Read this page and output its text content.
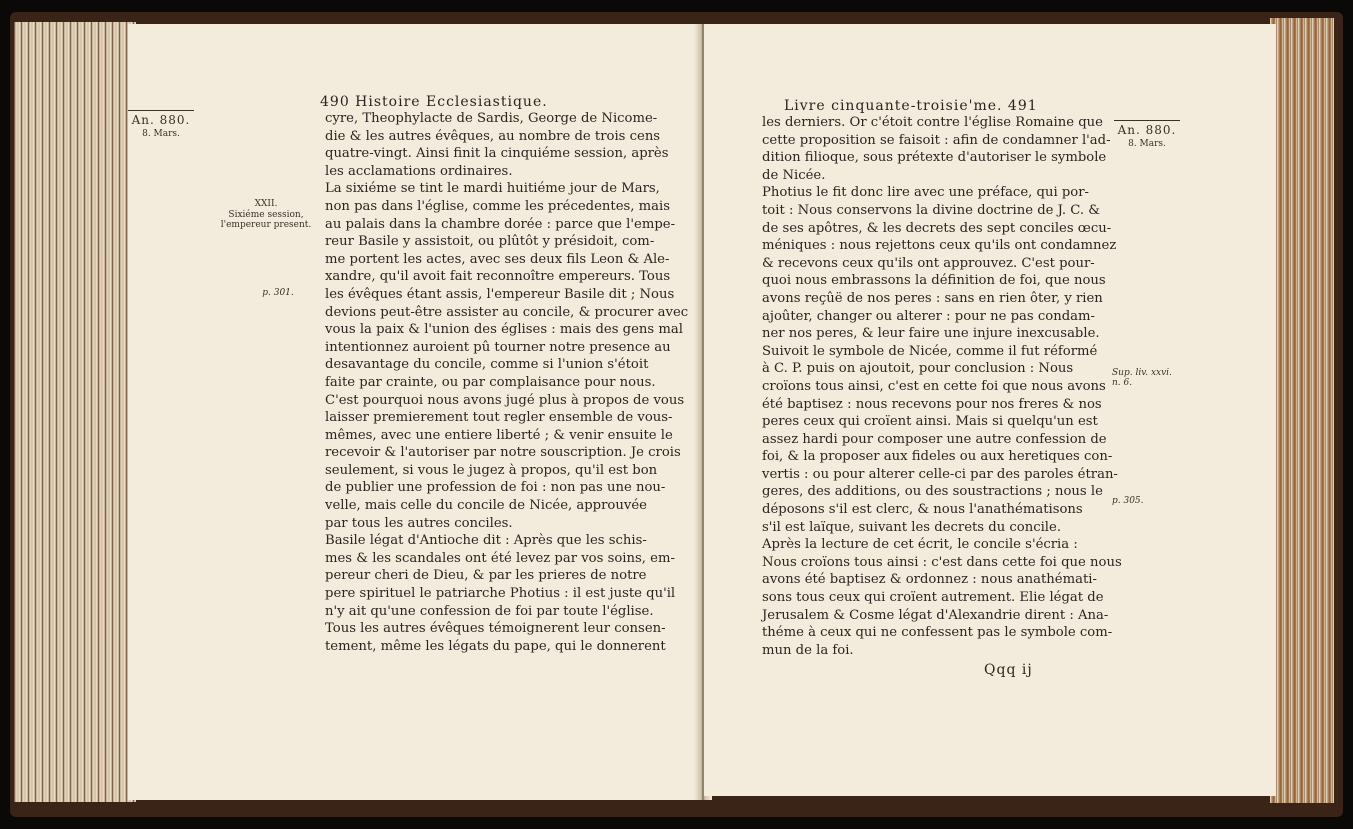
490 Histoire Ecclesiastique.
An. 880.
8. Mars.
XXII.
Sixiéme session, l'empereur present.
p. 301.
cyre, Theophylacte de Sardis, George de Nicome-
die & les autres évêques, au nombre de trois cens
quatre-vingt. Ainsi finit la cinquiéme session, après
les acclamations ordinaires.
La sixiéme se tint le mardi huitiéme jour de Mars,
non pas dans l'église, comme les précedentes, mais
au palais dans la chambre dorée : parce que l'empe-
reur Basile y assistoit, ou plûtôt y présidoit, com-
me portent les actes, avec ses deux fils Leon & Ale-
xandre, qu'il avoit fait reconnoître empereurs. Tous
les évêques étant assis, l'empereur Basile dit ; Nous
devions peut-être assister au concile, & procurer avec
vous la paix & l'union des églises : mais des gens mal
intentionnez auroient pû tourner notre presence au
desavantage du concile, comme si l'union s'étoit
faite par crainte, ou par complaisance pour nous.
C'est pourquoi nous avons jugé plus à propos de vous
laisser premierement tout regler ensemble de vous-
mêmes, avec une entiere liberté ; & venir ensuite le
recevoir & l'autoriser par notre souscription. Je crois
seulement, si vous le jugez à propos, qu'il est bon
de publier une profession de foi : non pas une nou-
velle, mais celle du concile de Nicée, approuvée
par tous les autres conciles.
Basile légat d'Antioche dit : Après que les schis-
mes & les scandales ont été levez par vos soins, em-
pereur cheri de Dieu, & par les prieres de notre
pere spirituel le patriarche Photius : il est juste qu'il
n'y ait qu'une confession de foi par toute l'église.
Tous les autres évêques témoignerent leur consen-
tement, même les légats du pape, qui le donnerent
Livre cinquante-troisie'me. 491
les derniers. Or c'étoit contre l'église Romaine que
cette proposition se faisoit : afin de condamner l'ad-
dition filioque, sous prétexte d'autoriser le symbole
de Nicée.
Photius le fit donc lire avec une préface, qui por-
toit : Nous conservons la divine doctrine de J. C. &
de ses apôtres, & les decrets des sept conciles œcu-
méniques : nous rejettons ceux qu'ils ont condamnez
& recevons ceux qu'ils ont approuvez. C'est pour-
quoi nous embrassons la définition de foi, que nous
avons reçûë de nos peres : sans en rien ôter, y rien
ajoûter, changer ou alterer : pour ne pas condam-
ner nos peres, & leur faire une injure inexcusable.
Suivoit le symbole de Nicée, comme il fut réformé
à C. P. puis on ajoutoit, pour conclusion : Nous
croïons tous ainsi, c'est en cette foi que nous avons
été baptisez : nous recevons pour nos freres & nos
peres ceux qui croïent ainsi. Mais si quelqu'un est
assez hardi pour composer une autre confession de
foi, & la proposer aux fideles ou aux heretiques con-
vertis : ou pour alterer celle-ci par des paroles étran-
geres, des additions, ou des soustractions ; nous le
déposons s'il est clerc, & nous l'anathématisons
s'il est laïque, suivant les decrets du concile.
Après la lecture de cet écrit, le concile s'écria :
Nous croïons tous ainsi : c'est dans cette foi que nous
avons été baptisez & ordonnez : nous anathémati-
sons tous ceux qui croïent autrement. Elie légat de
Jerusalem & Cosme légat d'Alexandrie dirent : Ana-
théme à ceux qui ne confessent pas le symbole com-
mun de la foi.
An. 880.
8. Mars.
Sup. liv. xxvi. n. 6.
p. 305.
Qqq ij
